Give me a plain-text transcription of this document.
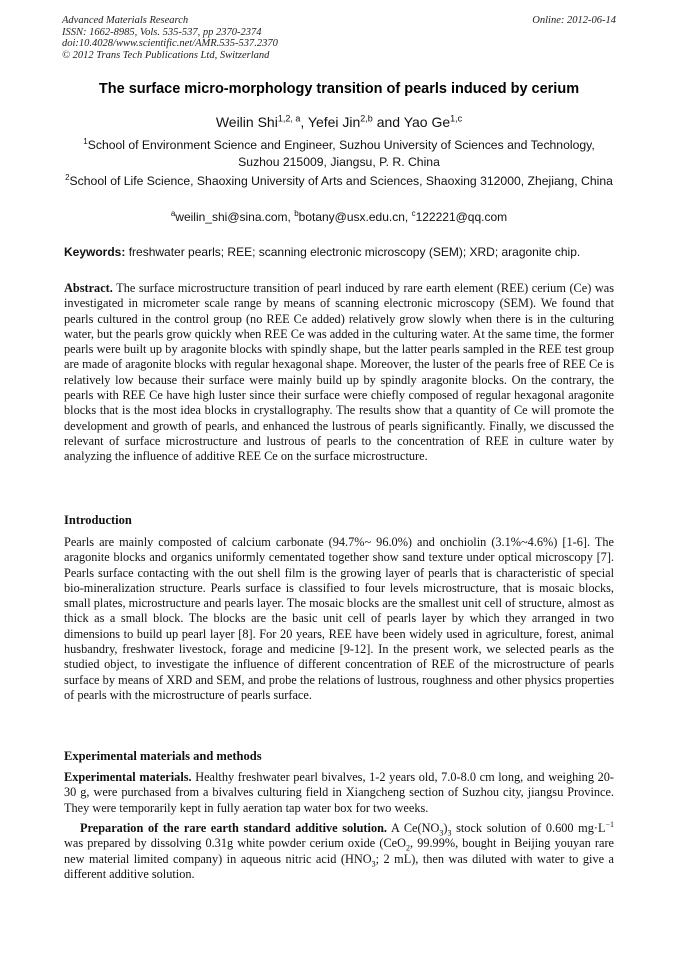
Advanced Materials Research
ISSN: 1662-8985, Vols. 535-537, pp 2370-2374
doi:10.4028/www.scientific.net/AMR.535-537.2370
© 2012 Trans Tech Publications Ltd, Switzerland
Online: 2012-06-14
The surface micro-morphology transition of pearls induced by cerium
Weilin Shi$^{1,2, a}$, Yefei Jin$^{2,b}$ and Yao Ge$^{1,c}$
$^1$School of Environment Science and Engineer, Suzhou University of Sciences and Technology, Suzhou 215009, Jiangsu, P. R. China
$^2$School of Life Science, Shaoxing University of Arts and Sciences, Shaoxing 312000, Zhejiang, China
$^a$weilin_shi@sina.com, $^b$botany@usx.edu.cn, $^c$122221@qq.com
Keywords: freshwater pearls; REE; scanning electronic microscopy (SEM); XRD; aragonite chip.
Abstract. The surface microstructure transition of pearl induced by rare earth element (REE) cerium (Ce) was investigated in micrometer scale range by means of scanning electronic microscopy (SEM). We found that pearls cultured in the control group (no REE Ce added) relatively grow slowly when there is in the culturing water, but the pearls grow quickly when REE Ce was added in the culturing water. At the same time, the former pearls were built up by aragonite blocks with spindly shape, but the latter pearls sampled in the REE test group are made of aragonite blocks with regular hexagonal shape. Moreover, the luster of the pearls free of REE Ce is relatively low because their surface were mainly build up by spindly aragonite blocks. On the contrary, the pearls with REE Ce have high luster since their surface were chiefly composed of regular hexagonal aragonite blocks that is the most idea blocks in crystallography. The results show that a quantity of Ce will promote the development and growth of pearls, and enhanced the lustrous of pearls significantly. Finally, we discussed the relevant of surface microstructure and lustrous of pearls to the concentration of REE in culture water by analyzing the influence of additive REE Ce on the surface microstructure.
Introduction
Pearls are mainly composted of calcium carbonate (94.7%~ 96.0%) and onchiolin (3.1%~4.6%) [1-6]. The aragonite blocks and organics uniformly cementated together show sand texture under optical microscopy [7]. Pearls surface contacting with the out shell film is the growing layer of pearls that is characteristic of special bio-mineralization structure. Pearls surface is classified to four levels microstructure, that is mosaic blocks, small plates, microstructure and pearls layer. The mosaic blocks are the smallest unit cell of structure, almost as thick as a small block. The blocks are the basic unit cell of pearls layer by which they arranged in two dimensions to build up pearl layer [8]. For 20 years, REE have been widely used in agriculture, forest, animal husbandry, freshwater livestock, forage and medicine [9-12]. In the present work, we selected pearls as the studied object, to investigate the influence of different concentration of REE of the microstructure of pearls surface by means of XRD and SEM, and probe the relations of lustrous, roughness and other physics properties of pearls with the microstructure of pearls surface.
Experimental materials and methods
Experimental materials. Healthy freshwater pearl bivalves, 1-2 years old, 7.0-8.0 cm long, and weighing 20-30 g, were purchased from a bivalves culturing field in Xiangcheng section of Suzhou city, jiangsu Province. They were temporarily kept in fully aeration tap water box for two weeks.
Preparation of the rare earth standard additive solution. A $Ce(NO_3)_3$ stock solution of 0.600 $mg\cdot L^{-1}$ was prepared by dissolving 0.31g white powder cerium oxide (CeO$_2$, 99.99%, bought in Beijing youyan rare new material limited company) in aqueous nitric acid ($HNO_3$; 2 mL), then was diluted with water to give a different additive solution.
